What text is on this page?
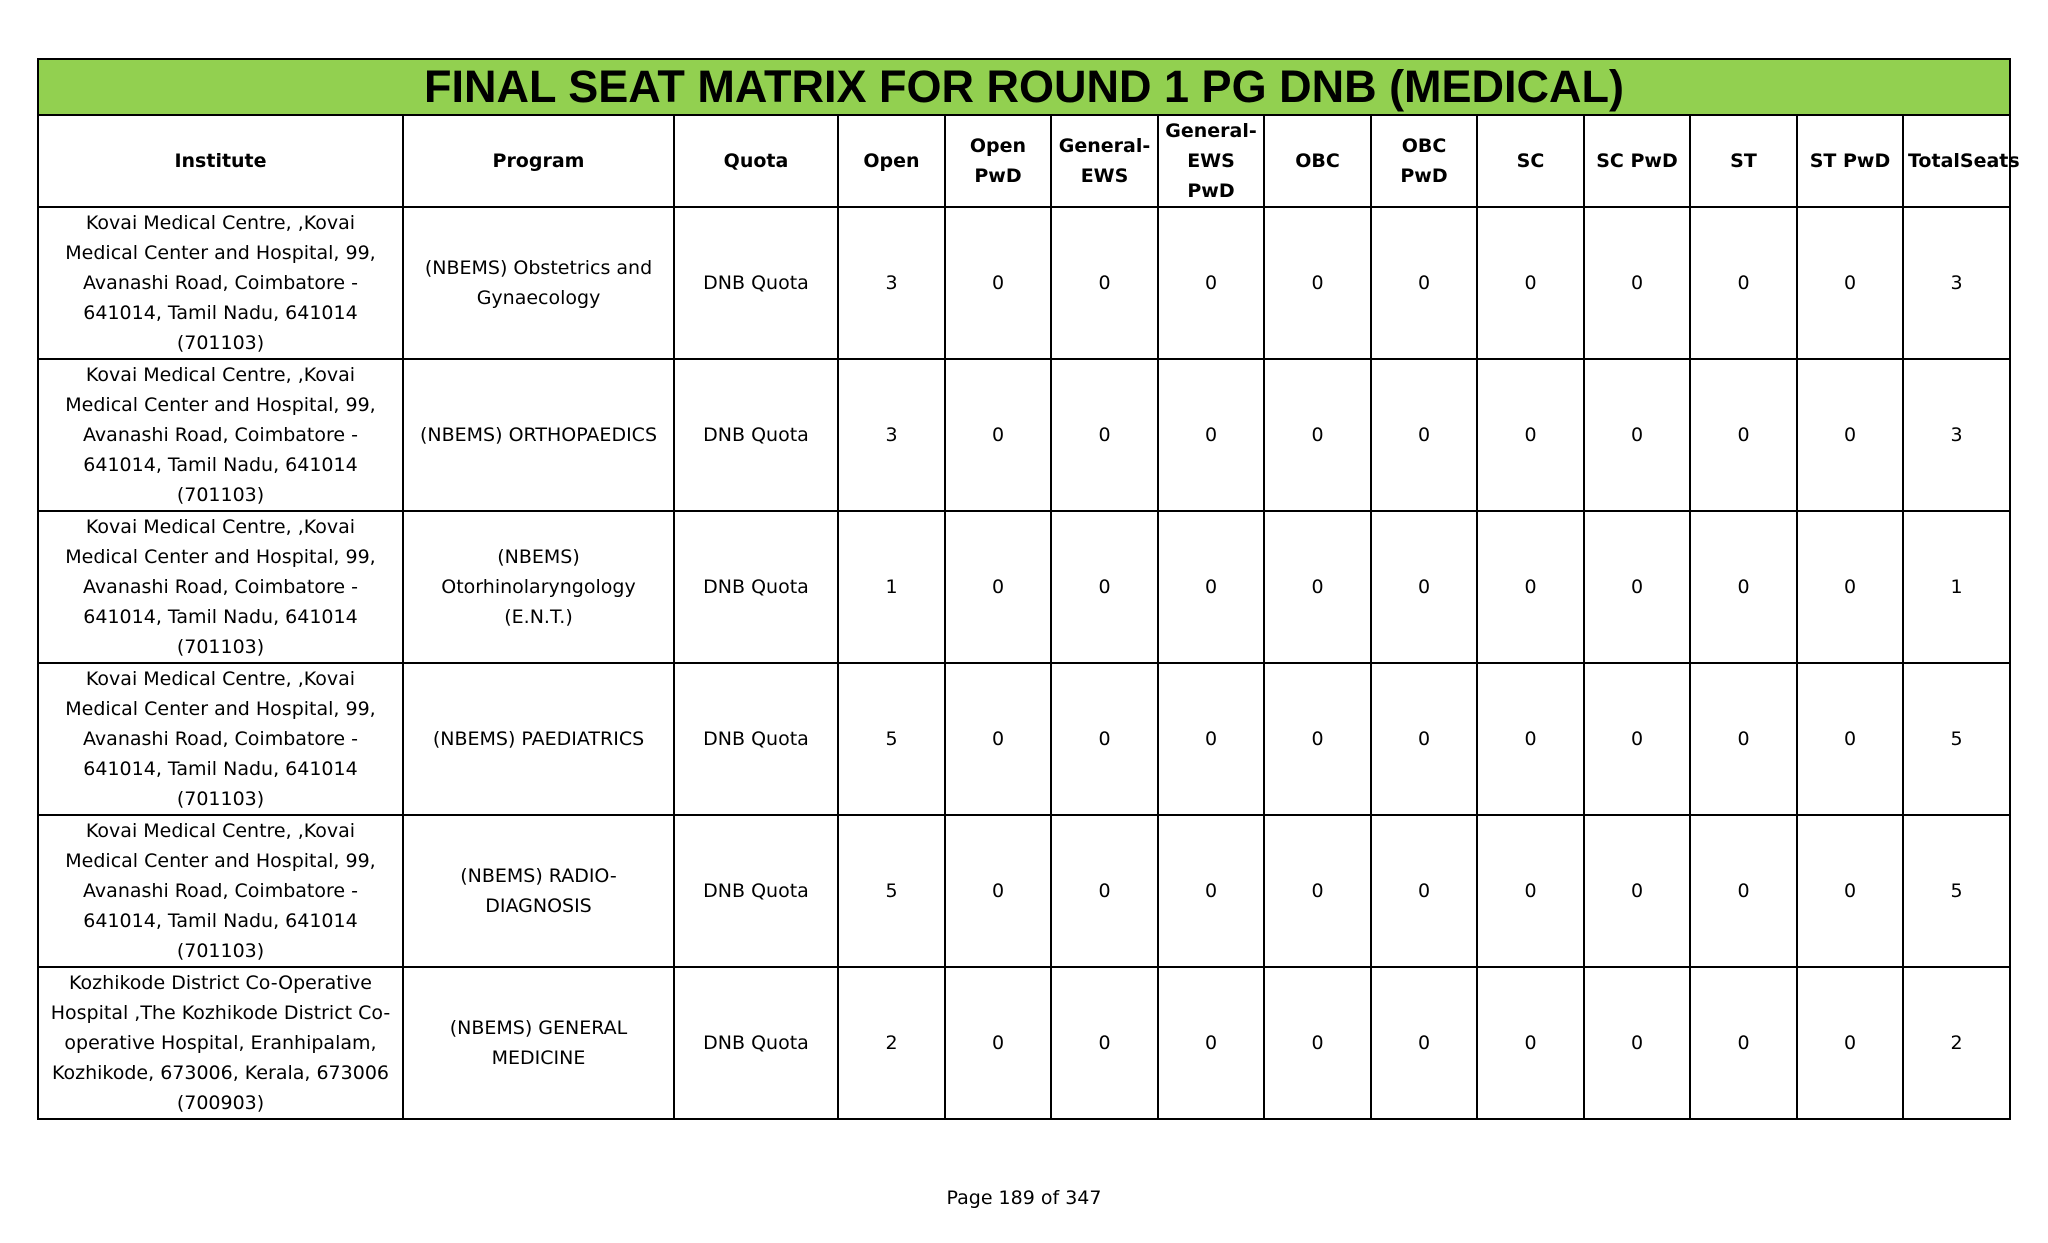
FINAL SEAT MATRIX FOR ROUND 1 PG DNB (MEDICAL)													
Institute	Program	Quota	Open	Open PwD	General-EWS	General-EWS PwD	OBC	OBC PwD	SC	SC PwD	ST	ST PwD	TotalSeats
Kovai Medical Centre, ,Kovai Medical Center and Hospital, 99, Avanashi Road, Coimbatore - 641014, Tamil Nadu, 641014 (701103)	(NBEMS) Obstetrics and Gynaecology	DNB Quota	3	0	0	0	0	0	0	0	0	0	3
Kovai Medical Centre, ,Kovai Medical Center and Hospital, 99, Avanashi Road, Coimbatore - 641014, Tamil Nadu, 641014 (701103)	(NBEMS) ORTHOPAEDICS	DNB Quota	3	0	0	0	0	0	0	0	0	0	3
Kovai Medical Centre, ,Kovai Medical Center and Hospital, 99, Avanashi Road, Coimbatore - 641014, Tamil Nadu, 641014 (701103)	(NBEMS) Otorhinolaryngology (E.N.T.)	DNB Quota	1	0	0	0	0	0	0	0	0	0	1
Kovai Medical Centre, ,Kovai Medical Center and Hospital, 99, Avanashi Road, Coimbatore - 641014, Tamil Nadu, 641014 (701103)	(NBEMS) PAEDIATRICS	DNB Quota	5	0	0	0	0	0	0	0	0	0	5
Kovai Medical Centre, ,Kovai Medical Center and Hospital, 99, Avanashi Road, Coimbatore - 641014, Tamil Nadu, 641014 (701103)	(NBEMS) RADIO-DIAGNOSIS	DNB Quota	5	0	0	0	0	0	0	0	0	0	5
Kozhikode District Co-Operative Hospital ,The Kozhikode District Co-operative Hospital, Eranhipalam, Kozhikode, 673006, Kerala, 673006 (700903)	(NBEMS) GENERAL MEDICINE	DNB Quota	2	0	0	0	0	0	0	0	0	0	2
Page 189 of 347
